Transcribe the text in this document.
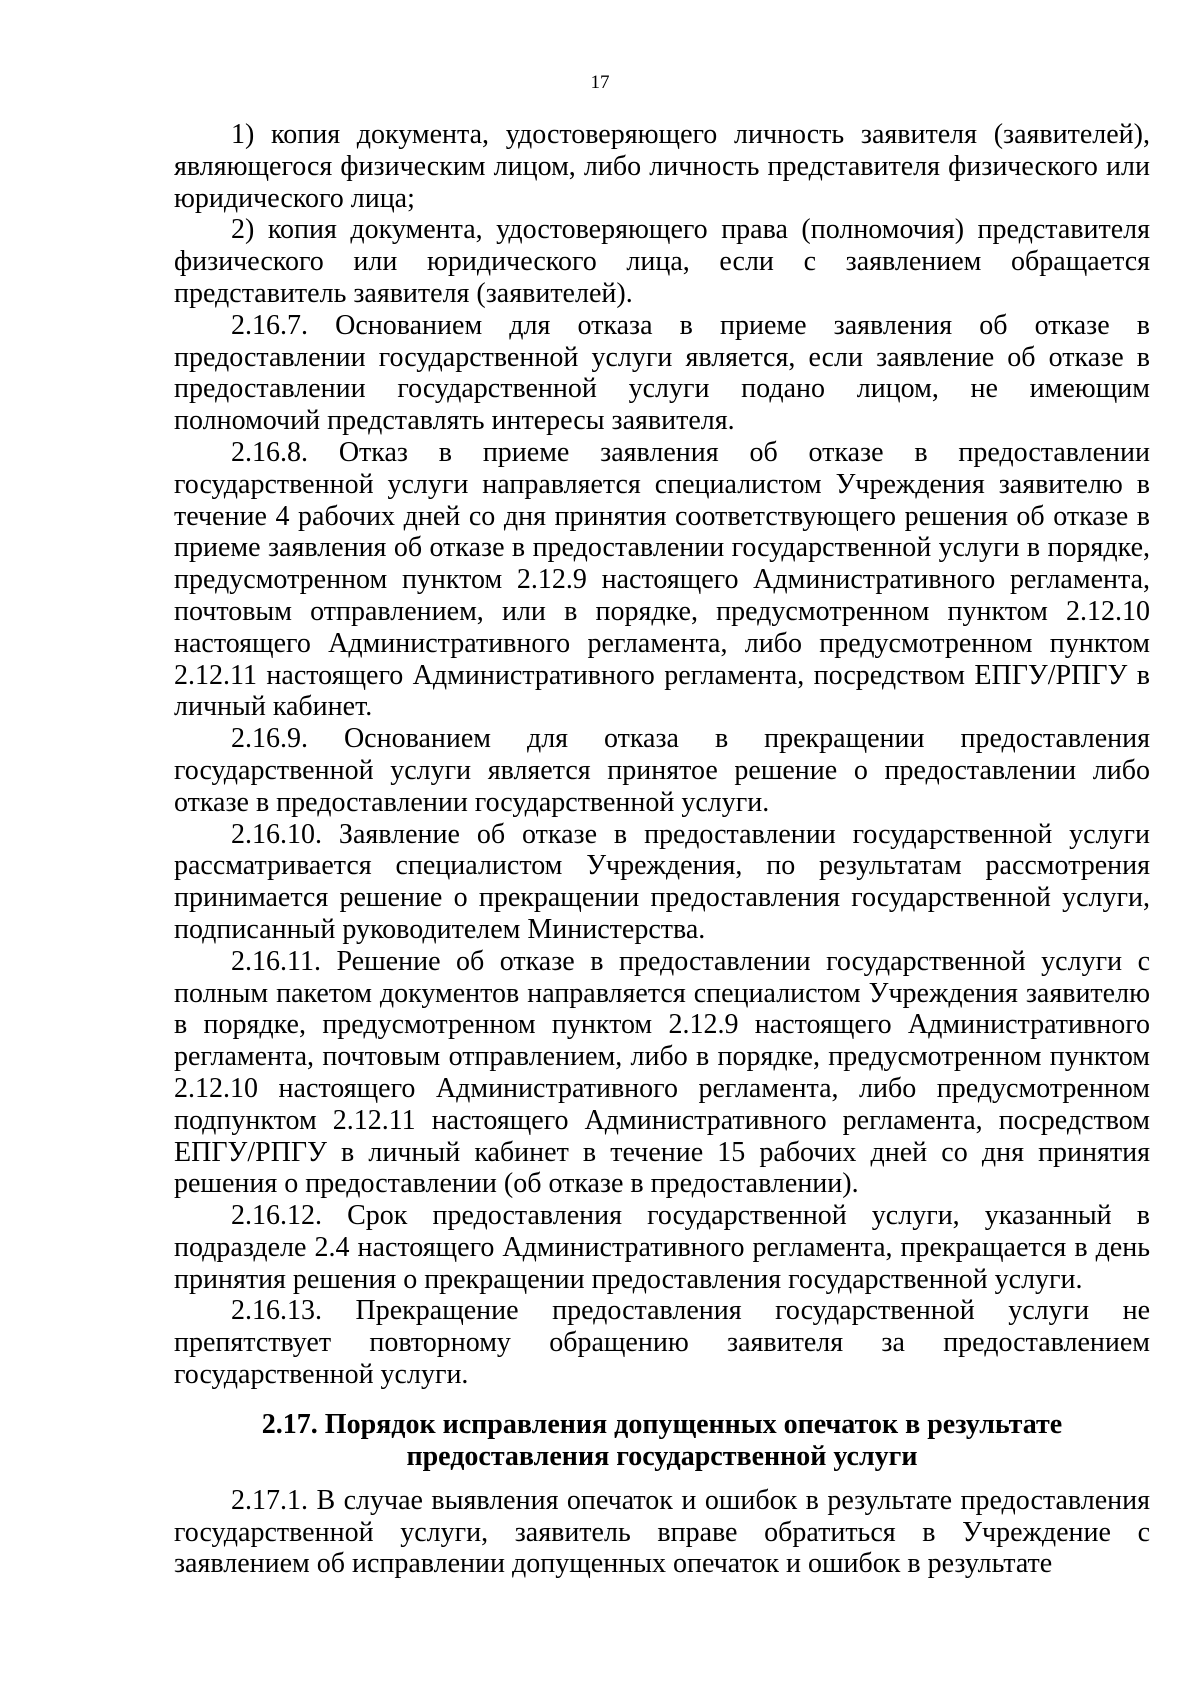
17

1) копия документа, удостоверяющего личность заявителя (заявителей), являющегося физическим лицом, либо личность представителя физического или юридического лица;

2) копия документа, удостоверяющего права (полномочия) представителя физического или юридического лица, если с заявлением обращается представитель заявителя (заявителей).

2.16.7. Основанием для отказа в приеме заявления об отказе в предоставлении государственной услуги является, если заявление об отказе в предоставлении государственной услуги подано лицом, не имеющим полномочий представлять интересы заявителя.

2.16.8. Отказ в приеме заявления об отказе в предоставлении государственной услуги направляется специалистом Учреждения заявителю в течение 4 рабочих дней со дня принятия соответствующего решения об отказе в приеме заявления об отказе в предоставлении государственной услуги в порядке, предусмотренном пунктом 2.12.9 настоящего Административного регламента, почтовым отправлением, или в порядке, предусмотренном пунктом 2.12.10 настоящего Административного регламента, либо предусмотренном пунктом 2.12.11 настоящего Административного регламента, посредством ЕПГУ/РПГУ в личный кабинет.

2.16.9. Основанием для отказа в прекращении предоставления государственной услуги является принятое решение о предоставлении либо отказе в предоставлении государственной услуги.

2.16.10. Заявление об отказе в предоставлении государственной услуги рассматривается специалистом Учреждения, по результатам рассмотрения принимается решение о прекращении предоставления государственной услуги, подписанный руководителем Министерства.

2.16.11. Решение об отказе в предоставлении государственной услуги с полным пакетом документов направляется специалистом Учреждения заявителю в порядке, предусмотренном пунктом 2.12.9 настоящего Административного регламента, почтовым отправлением, либо в порядке, предусмотренном пунктом 2.12.10 настоящего Административного регламента, либо предусмотренном подпунктом 2.12.11 настоящего Административного регламента, посредством ЕПГУ/РПГУ в личный кабинет в течение 15 рабочих дней со дня принятия решения о предоставлении (об отказе в предоставлении).

2.16.12. Срок предоставления государственной услуги, указанный в подразделе 2.4 настоящего Административного регламента, прекращается в день принятия решения о прекращении предоставления государственной услуги.

2.16.13. Прекращение предоставления государственной услуги не препятствует повторному обращению заявителя за предоставлением государственной услуги.

2.17. Порядок исправления допущенных опечаток в результате
предоставления государственной услуги

2.17.1. В случае выявления опечаток и ошибок в результате предоставления государственной услуги, заявитель вправе обратиться в Учреждение с заявлением об исправлении допущенных опечаток и ошибок в результате
